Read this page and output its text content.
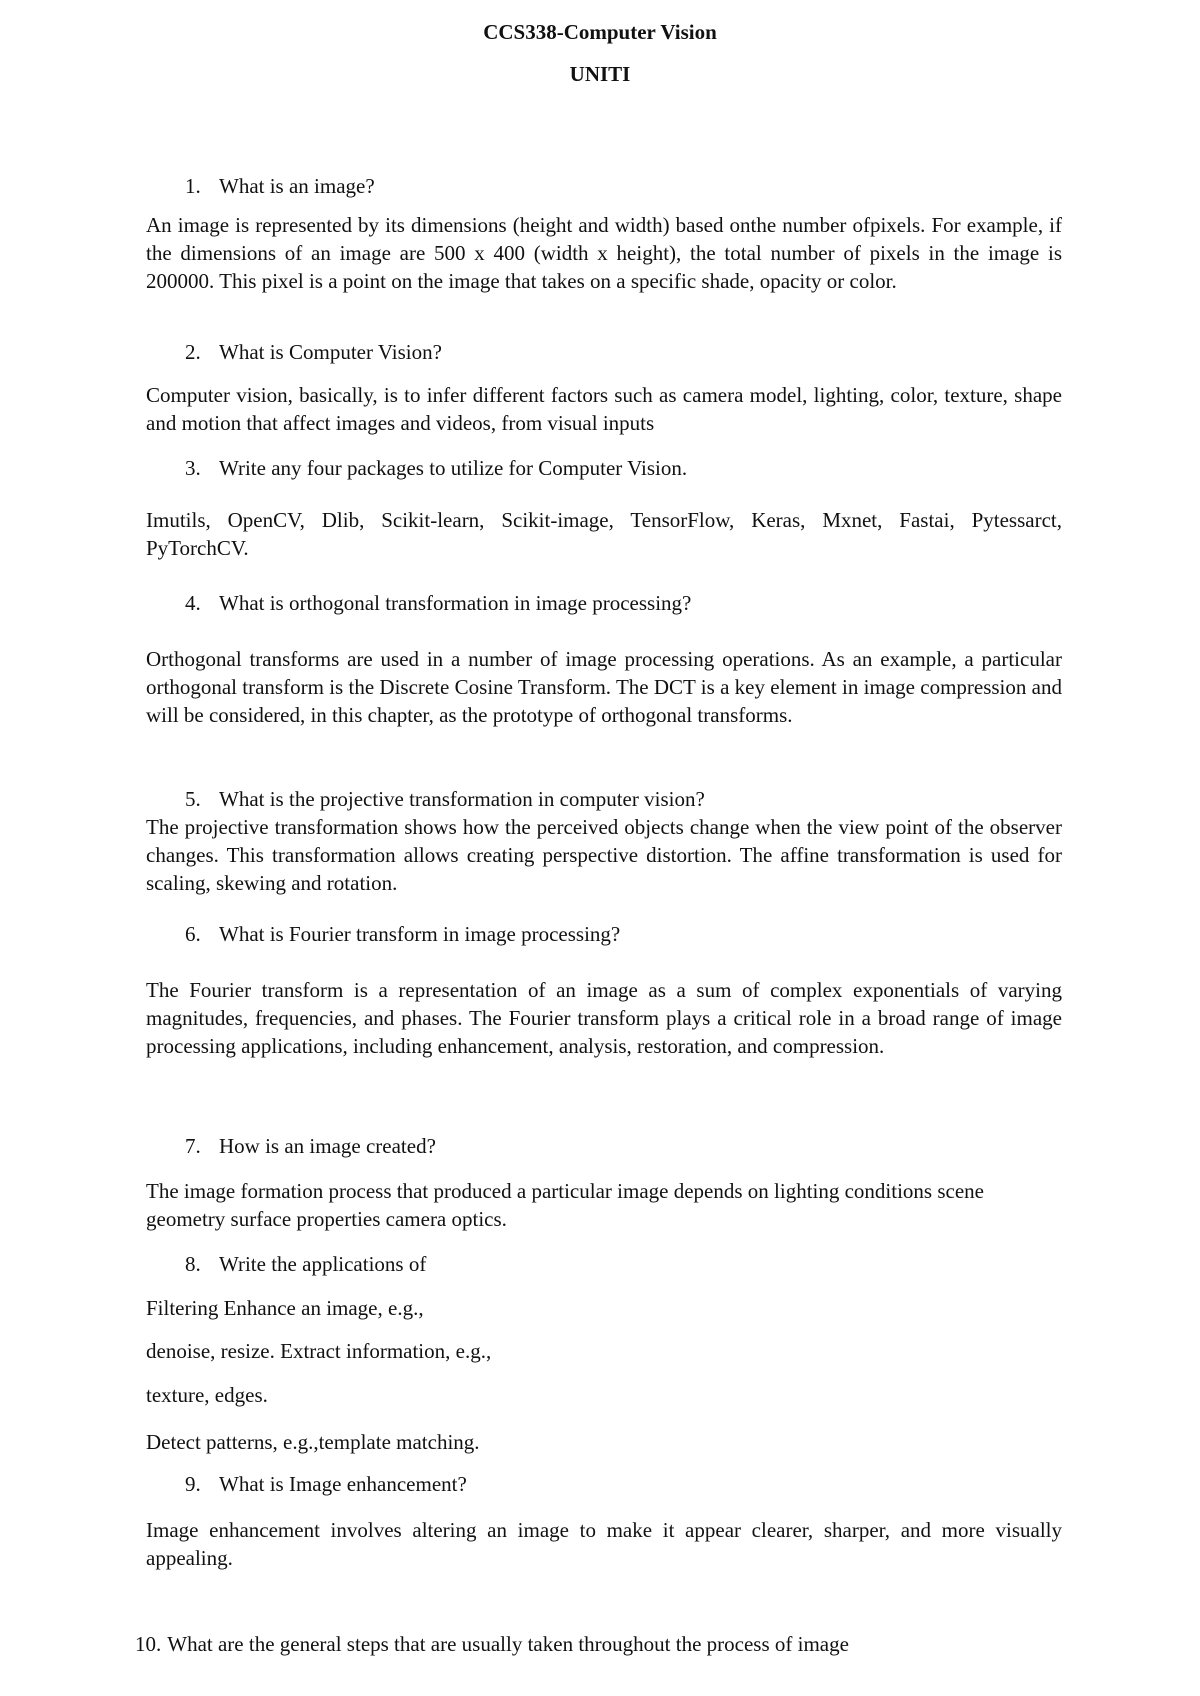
CCS338-Computer Vision
UNITI
1. What is an image?
An image is represented by its dimensions (height and width) based onthe number ofpixels. For example, if the dimensions of an image are 500 x 400 (width x height), the total number of pixels in the image is 200000. This pixel is a point on the image that takes on a specific shade, opacity or color.
2. What is Computer Vision?
Computer vision, basically, is to infer different factors such as camera model, lighting, color, texture, shape and motion that affect images and videos, from visual inputs
3. Write any four packages to utilize for Computer Vision.
Imutils, OpenCV, Dlib, Scikit-learn, Scikit-image, TensorFlow, Keras, Mxnet, Fastai, Pytessarct, PyTorchCV.
4. What is orthogonal transformation in image processing?
Orthogonal transforms are used in a number of image processing operations. As an example, a particular orthogonal transform is the Discrete Cosine Transform. The DCT is a key element in image compression and will be considered, in this chapter, as the prototype of orthogonal transforms.
5. What is the projective transformation in computer vision?
The projective transformation shows how the perceived objects change when the view point of the observer changes. This transformation allows creating perspective distortion. The affine transformation is used for scaling, skewing and rotation.
6. What is Fourier transform in image processing?
The Fourier transform is a representation of an image as a sum of complex exponentials of varying magnitudes, frequencies, and phases. The Fourier transform plays a critical role in a broad range of image processing applications, including enhancement, analysis, restoration, and compression.
7. How is an image created?
The image formation process that produced a particular image depends on lighting conditions scene geometry surface properties camera optics.
8. Write the applications of
Filtering Enhance an image, e.g.,
denoise, resize. Extract information, e.g.,
texture, edges.
Detect patterns, e.g.,template matching.
9. What is Image enhancement?
Image enhancement involves altering an image to make it appear clearer, sharper, and more visually appealing.
10. What are the general steps that are usually taken throughout the process of image
